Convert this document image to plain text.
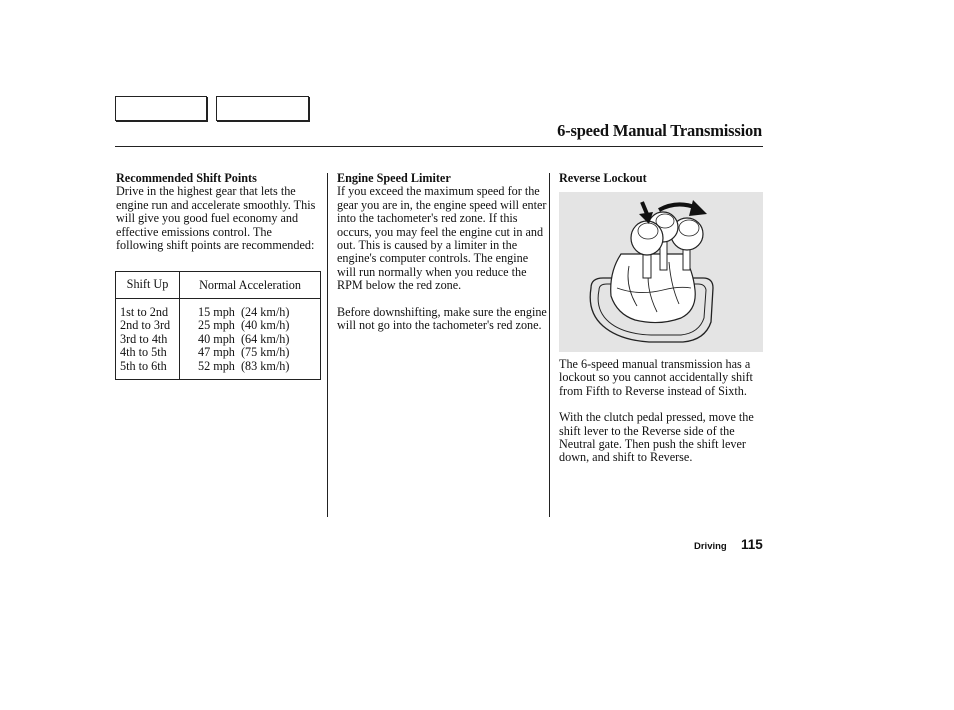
6-speed Manual Transmission
Recommended Shift Points
Drive in the highest gear that lets the engine run and accelerate smoothly. This will give you good fuel economy and effective emissions control. The following shift points are recommended:
Shift Up	Normal Acceleration
1st to 2nd
2nd to 3rd
3rd to 4th
4th to 5th
5th to 6th
15 mph  (24 km/h)
25 mph  (40 km/h)
40 mph  (64 km/h)
47 mph  (75 km/h)
52 mph  (83 km/h)
Engine Speed Limiter
If you exceed the maximum speed for the gear you are in, the engine speed will enter into the tachometer's red zone. If this occurs, you may feel the engine cut in and out. This is caused by a limiter in the engine's computer controls. The engine will run normally when you reduce the RPM below the red zone.
Before downshifting, make sure the engine will not go into the tachometer's red zone.
Reverse Lockout
The 6-speed manual transmission has a lockout so you cannot accidentally shift from Fifth to Reverse instead of Sixth.
With the clutch pedal pressed, move the shift lever to the Reverse side of the Neutral gate. Then push the shift lever down, and shift to Reverse.
Driving 115
